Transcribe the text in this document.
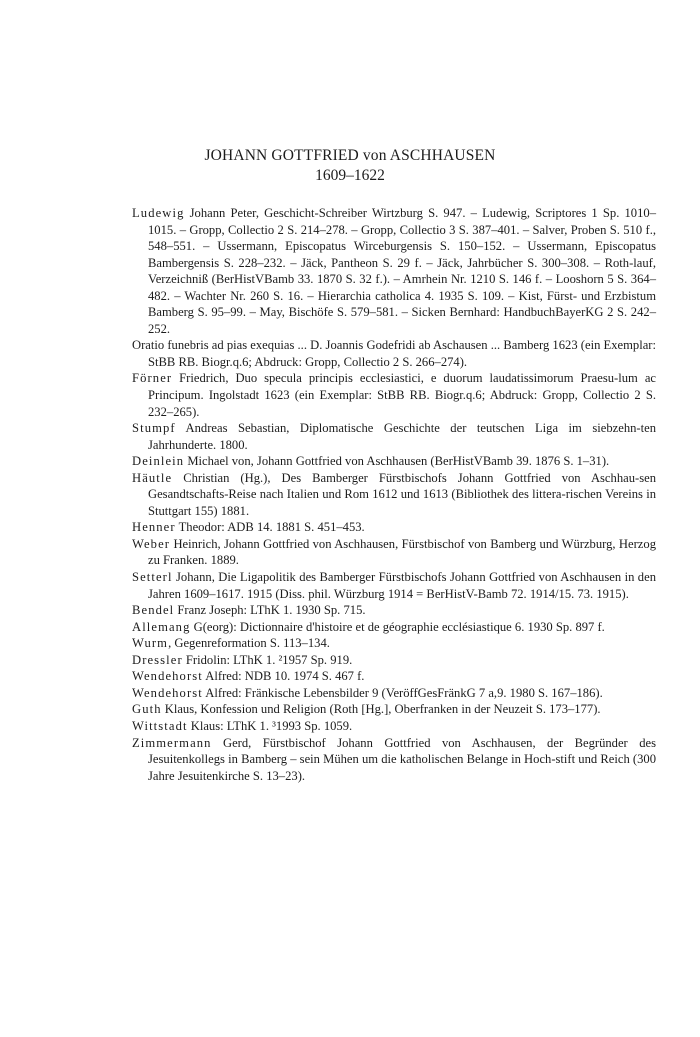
JOHANN GOTTFRIED von ASCHHAUSEN
1609–1622

Ludewig Johann Peter, Geschicht-Schreiber Wirtzburg S. 947. – Ludewig, Scriptores 1 Sp. 1010–1015. – Gropp, Collectio 2 S. 214–278. – Gropp, Collectio 3 S. 387–401. – Salver, Proben S. 510 f., 548–551. – Ussermann, Episcopatus Wirceburgensis S. 150–152. – Ussermann, Episcopatus Bambergensis S. 228–232. – Jäck, Pantheon S. 29 f. – Jäck, Jahrbücher S. 300–308. – Roth-lauf, Verzeichniß (BerHistVBamb 33. 1870 S. 32 f.). – Amrhein Nr. 1210 S. 146 f. – Looshorn 5 S. 364–482. – Wachter Nr. 260 S. 16. – Hierarchia catholica 4. 1935 S. 109. – Kist, Fürst- und Erzbistum Bamberg S. 95–99. – May, Bischöfe S. 579–581. – Sicken Bernhard: HandbuchBayerKG 2 S. 242–252.

Oratio funebris ad pias exequias ... D. Joannis Godefridi ab Aschausen ... Bamberg 1623 (ein Exemplar: StBB RB. Biogr.q.6; Abdruck: Gropp, Collectio 2 S. 266–274).

Förner Friedrich, Duo specula principis ecclesiastici, e duorum laudatissimorum Praesu-lum ac Principum. Ingolstadt 1623 (ein Exemplar: StBB RB. Biogr.q.6; Abdruck: Gropp, Collectio 2 S. 232–265).

Stumpf Andreas Sebastian, Diplomatische Geschichte der teutschen Liga im siebzehn-ten Jahrhunderte. 1800.

Deinlein Michael von, Johann Gottfried von Aschhausen (BerHistVBamb 39. 1876 S. 1–31).

Häutle Christian (Hg.), Des Bamberger Fürstbischofs Johann Gottfried von Aschhau-sen Gesandtschafts-Reise nach Italien und Rom 1612 und 1613 (Bibliothek des littera-rischen Vereins in Stuttgart 155) 1881.

Henner Theodor: ADB 14. 1881 S. 451–453.

Weber Heinrich, Johann Gottfried von Aschhausen, Fürstbischof von Bamberg und Würzburg, Herzog zu Franken. 1889.

Setterl Johann, Die Ligapolitik des Bamberger Fürstbischofs Johann Gottfried von Aschhausen in den Jahren 1609–1617. 1915 (Diss. phil. Würzburg 1914 = BerHistV-Bamb 72. 1914/15. 73. 1915).

Bendel Franz Joseph: LThK 1. 1930 Sp. 715.

Allemang G(eorg): Dictionnaire d'histoire et de géographie ecclésiastique 6. 1930 Sp. 897 f.

Wurm, Gegenreformation S. 113–134.

Dressler Fridolin: LThK 1. ²1957 Sp. 919.

Wendehorst Alfred: NDB 10. 1974 S. 467 f.

Wendehorst Alfred: Fränkische Lebensbilder 9 (VeröffGesFränkG 7 a,9. 1980 S. 167–186).

Guth Klaus, Konfession und Religion (Roth [Hg.], Oberfranken in der Neuzeit S. 173–177).

Wittstadt Klaus: LThK 1. ³1993 Sp. 1059.

Zimmermann Gerd, Fürstbischof Johann Gottfried von Aschhausen, der Begründer des Jesuitenkollegs in Bamberg – sein Mühen um die katholischen Belange in Hoch-stift und Reich (300 Jahre Jesuitenkirche S. 13–23).
